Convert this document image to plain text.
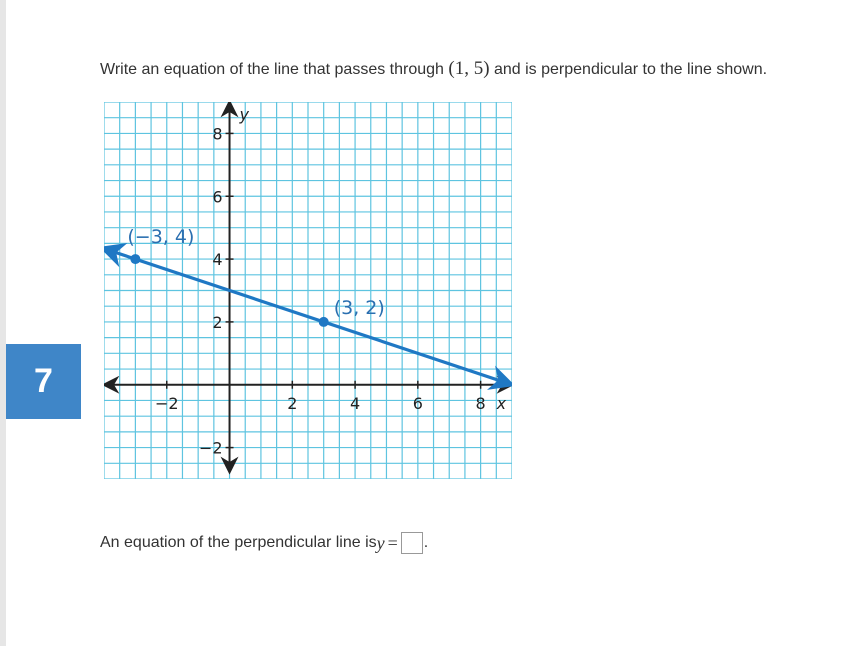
7
Write an equation of the line that passes through (1, 5) and is perpendicular to the line shown.
−2	2	4	6	8
−2
2
4
6
8
(−3, 4)
(3, 2)
x
y
An equation of the perpendicular line is y = .
